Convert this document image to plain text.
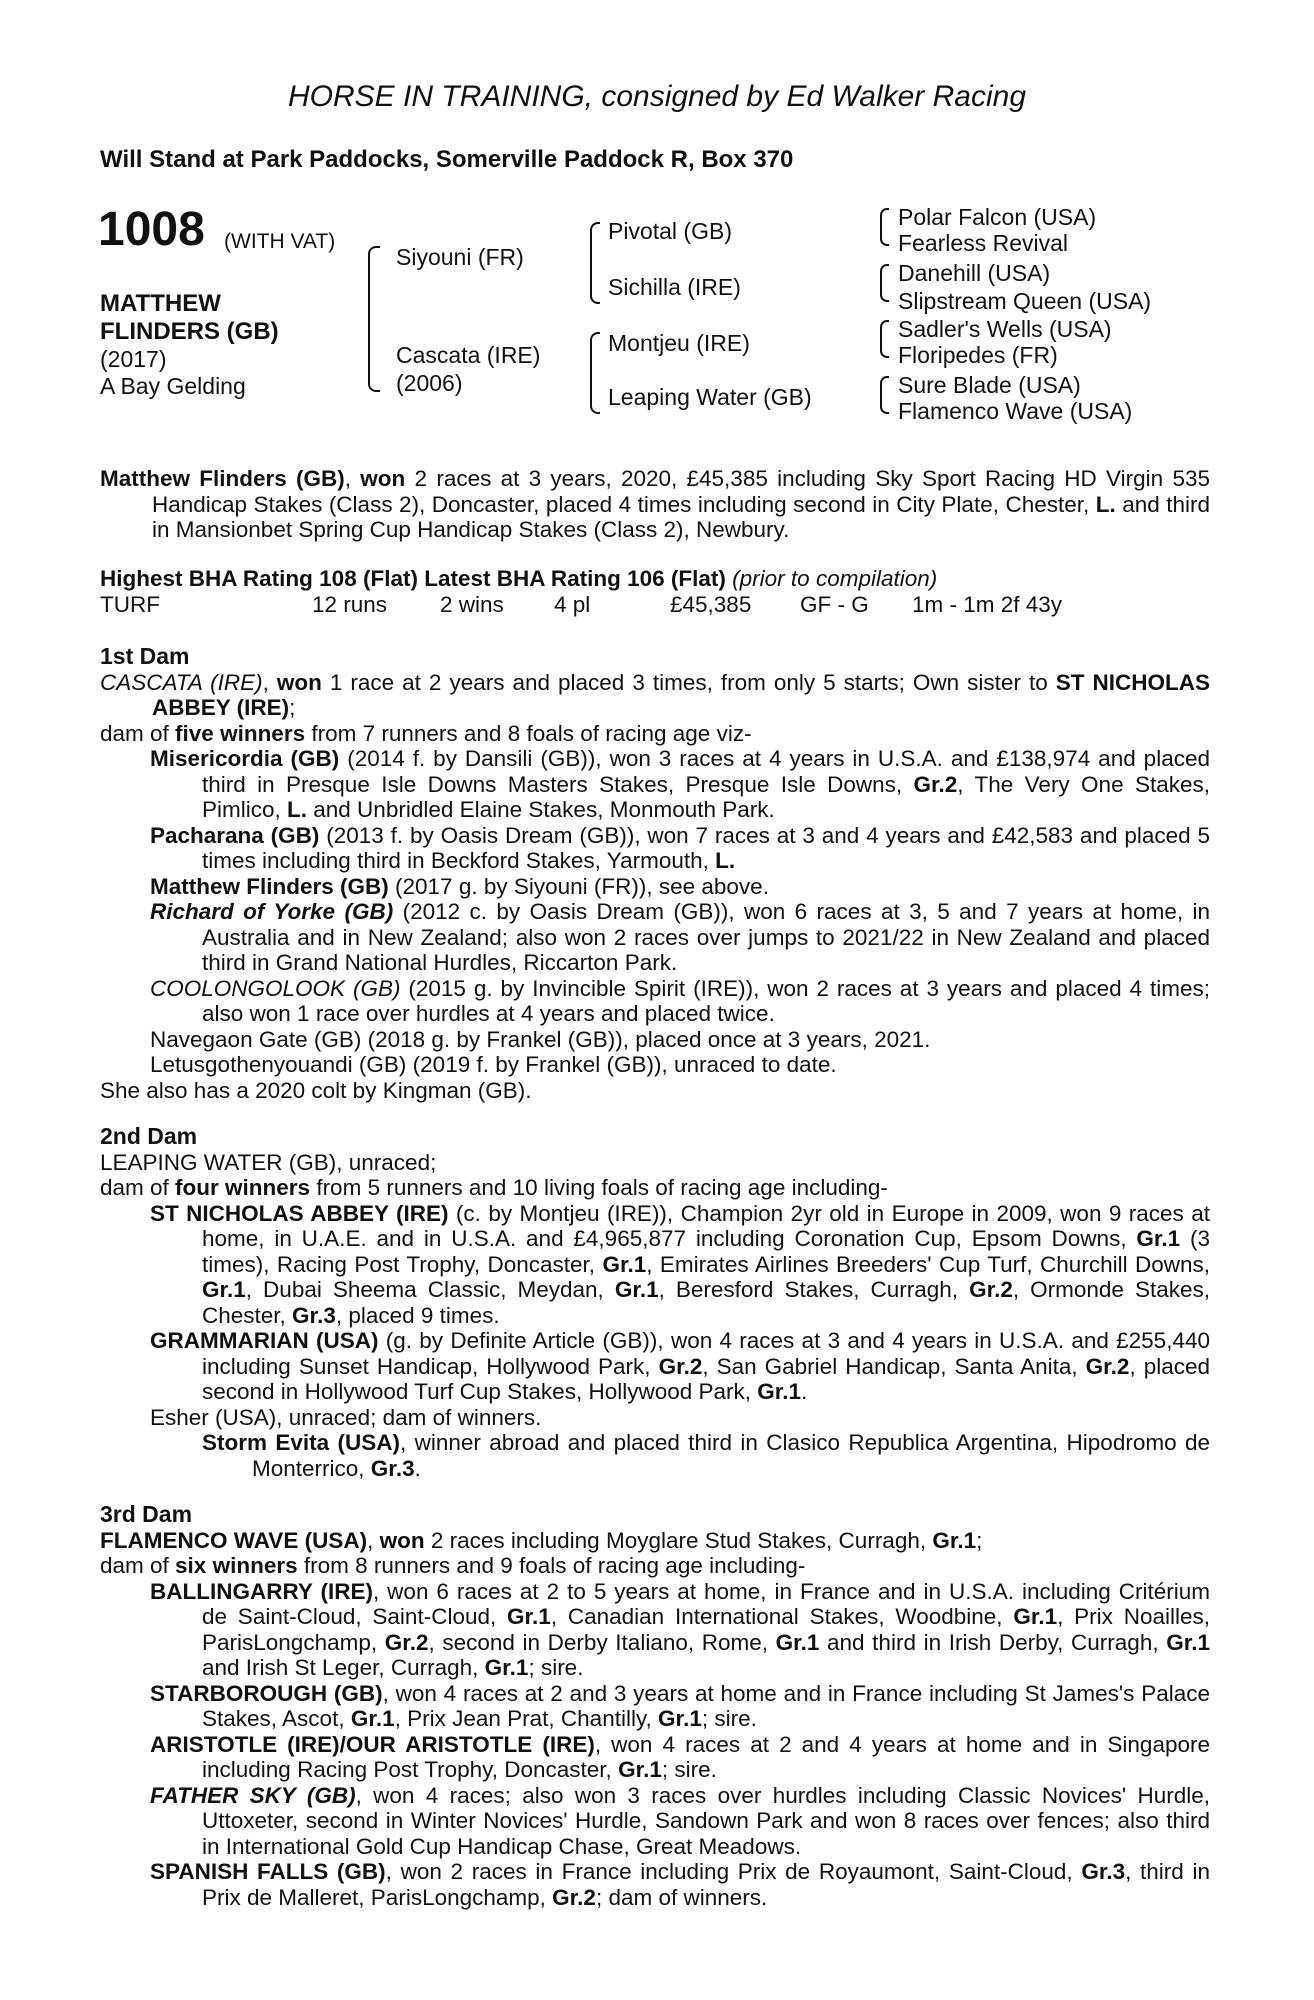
HORSE IN TRAINING, consigned by Ed Walker Racing
Will Stand at Park Paddocks, Somerville Paddock R, Box 370
1008 (WITH VAT)
MATTHEW
FLINDERS (GB)
(2017)
A Bay Gelding
Siyouni (FR)
Cascata (IRE)
(2006)
Pivotal (GB)
Sichilla (IRE)
Montjeu (IRE)
Leaping Water (GB)
Polar Falcon (USA)
Fearless Revival
Danehill (USA)
Slipstream Queen (USA)
Sadler's Wells (USA)
Floripedes (FR)
Sure Blade (USA)
Flamenco Wave (USA)

Matthew Flinders (GB), won 2 races at 3 years, 2020, £45,385 including Sky Sport Racing HD Virgin 535 Handicap Stakes (Class 2), Doncaster, placed 4 times including second in City Plate, Chester, L. and third in Mansionbet Spring Cup Handicap Stakes (Class 2), Newbury.

Highest BHA Rating 108 (Flat) Latest BHA Rating 106 (Flat) (prior to compilation)

TURF	12 runs 2 wins 4 pl	£45,385 GF - G 1m - 1m 2f 43y

1st Dam

CASCATA (IRE), won 1 race at 2 years and placed 3 times, from only 5 starts; Own sister to ST NICHOLAS ABBEY (IRE);

dam of five winners from 7 runners and 8 foals of racing age viz-

Misericordia (GB) (2014 f. by Dansili (GB)), won 3 races at 4 years in U.S.A. and £138,974 and placed third in Presque Isle Downs Masters Stakes, Presque Isle Downs, Gr.2, The Very One Stakes, Pimlico, L. and Unbridled Elaine Stakes, Monmouth Park.

Pacharana (GB) (2013 f. by Oasis Dream (GB)), won 7 races at 3 and 4 years and £42,583 and placed 5 times including third in Beckford Stakes, Yarmouth, L.

Matthew Flinders (GB) (2017 g. by Siyouni (FR)), see above.

Richard of Yorke (GB) (2012 c. by Oasis Dream (GB)), won 6 races at 3, 5 and 7 years at home, in Australia and in New Zealand; also won 2 races over jumps to 2021/22 in New Zealand and placed third in Grand National Hurdles, Riccarton Park.

COOLONGOLOOK (GB) (2015 g. by Invincible Spirit (IRE)), won 2 races at 3 years and placed 4 times; also won 1 race over hurdles at 4 years and placed twice.

Navegaon Gate (GB) (2018 g. by Frankel (GB)), placed once at 3 years, 2021.

Letusgothenyouandi (GB) (2019 f. by Frankel (GB)), unraced to date.

She also has a 2020 colt by Kingman (GB).

2nd Dam

LEAPING WATER (GB), unraced;

dam of four winners from 5 runners and 10 living foals of racing age including-

ST NICHOLAS ABBEY (IRE) (c. by Montjeu (IRE)), Champion 2yr old in Europe in 2009, won 9 races at home, in U.A.E. and in U.S.A. and £4,965,877 including Coronation Cup, Epsom Downs, Gr.1 (3 times), Racing Post Trophy, Doncaster, Gr.1, Emirates Airlines Breeders' Cup Turf, Churchill Downs, Gr.1, Dubai Sheema Classic, Meydan, Gr.1, Beresford Stakes, Curragh, Gr.2, Ormonde Stakes, Chester, Gr.3, placed 9 times.

GRAMMARIAN (USA) (g. by Definite Article (GB)), won 4 races at 3 and 4 years in U.S.A. and £255,440 including Sunset Handicap, Hollywood Park, Gr.2, San Gabriel Handicap, Santa Anita, Gr.2, placed second in Hollywood Turf Cup Stakes, Hollywood Park, Gr.1.

Esher (USA), unraced; dam of winners.

Storm Evita (USA), winner abroad and placed third in Clasico Republica Argentina, Hipodromo de Monterrico, Gr.3.

3rd Dam

FLAMENCO WAVE (USA), won 2 races including Moyglare Stud Stakes, Curragh, Gr.1;

dam of six winners from 8 runners and 9 foals of racing age including-

BALLINGARRY (IRE), won 6 races at 2 to 5 years at home, in France and in U.S.A. including Critérium de Saint-Cloud, Saint-Cloud, Gr.1, Canadian International Stakes, Woodbine, Gr.1, Prix Noailles, ParisLongchamp, Gr.2, second in Derby Italiano, Rome, Gr.1 and third in Irish Derby, Curragh, Gr.1 and Irish St Leger, Curragh, Gr.1; sire.

STARBOROUGH (GB), won 4 races at 2 and 3 years at home and in France including St James's Palace Stakes, Ascot, Gr.1, Prix Jean Prat, Chantilly, Gr.1; sire.

ARISTOTLE (IRE)/OUR ARISTOTLE (IRE), won 4 races at 2 and 4 years at home and in Singapore including Racing Post Trophy, Doncaster, Gr.1; sire.

FATHER SKY (GB), won 4 races; also won 3 races over hurdles including Classic Novices' Hurdle, Uttoxeter, second in Winter Novices' Hurdle, Sandown Park and won 8 races over fences; also third in International Gold Cup Handicap Chase, Great Meadows.

SPANISH FALLS (GB), won 2 races in France including Prix de Royaumont, Saint-Cloud, Gr.3, third in Prix de Malleret, ParisLongchamp, Gr.2; dam of winners.
